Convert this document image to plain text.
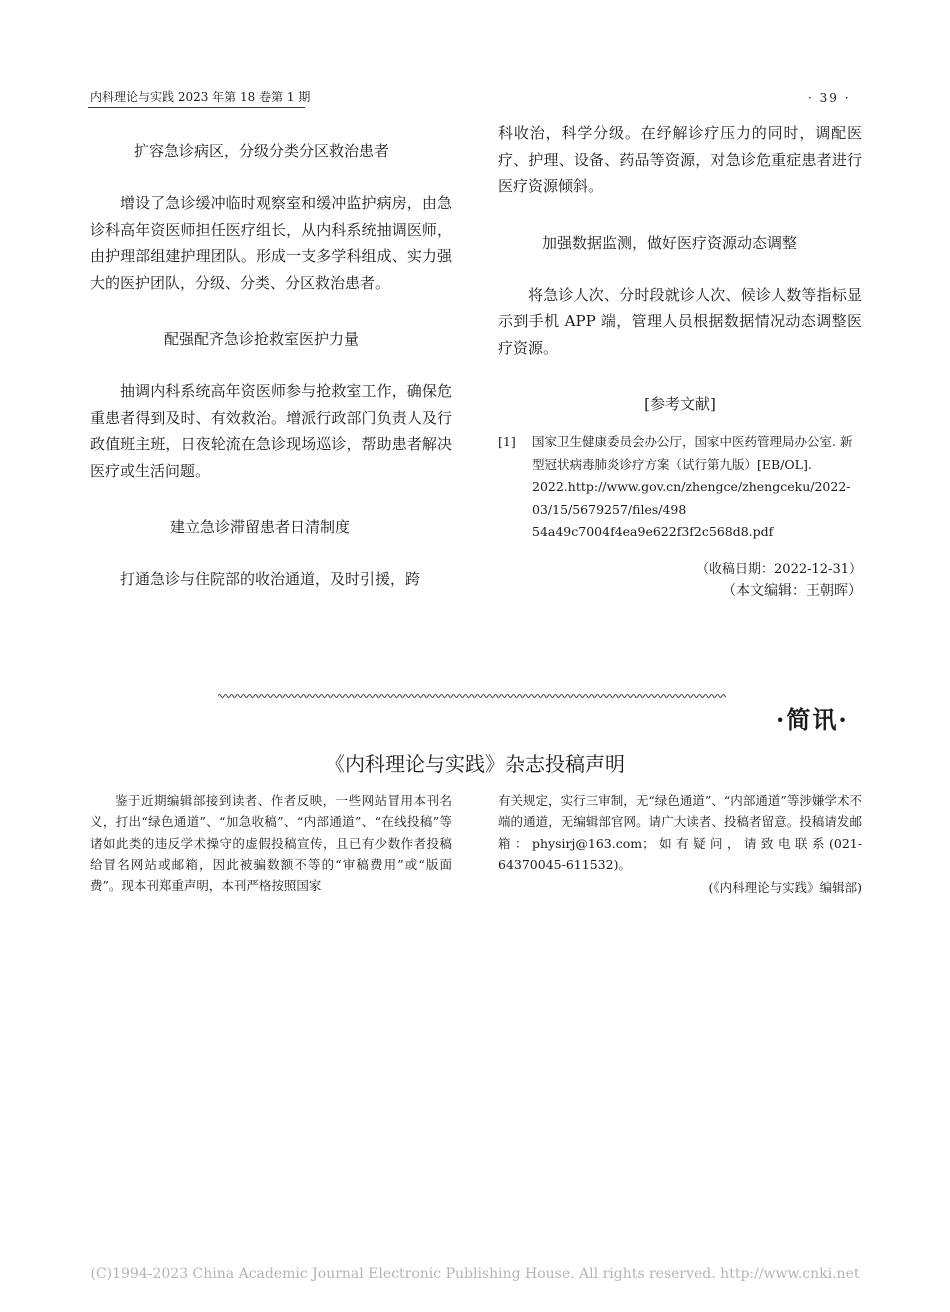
内科理论与实践 2023 年第 18 卷第 1 期	· 39 ·

扩容急诊病区，分级分类分区救治患者

增设了急诊缓冲临时观察室和缓冲监护病房，由急诊科高年资医师担任医疗组长，从内科系统抽调医师，由护理部组建护理团队。形成一支多学科组成、实力强大的医护团队，分级、分类、分区救治患者。

配强配齐急诊抢救室医护力量

抽调内科系统高年资医师参与抢救室工作，确保危重患者得到及时、有效救治。增派行政部门负责人及行政值班主班，日夜轮流在急诊现场巡诊，帮助患者解决医疗或生活问题。

建立急诊滞留患者日清制度

打通急诊与住院部的收治通道，及时引援，跨

科收治，科学分级。在纾解诊疗压力的同时，调配医疗、护理、设备、药品等资源，对急诊危重症患者进行医疗资源倾斜。

加强数据监测，做好医疗资源动态调整

将急诊人次、分时段就诊人次、候诊人数等指标显示到手机 APP 端，管理人员根据数据情况动态调整医疗资源。

[参考文献]

[1]	国家卫生健康委员会办公厅，国家中医药管理局办公室. 新型冠状病毒肺炎诊疗方案（试行第九版）[EB/OL]. 2022.http://www.gov.cn/zhengce/zhengceku/2022-03/15/5679257/files/498 54a49c7004f4ea9e622f3f2c568d8.pdf
（收稿日期：2022-12-31）
（本文编辑：王朝晖）
·简讯·
《内科理论与实践》杂志投稿声明
鉴于近期编辑部接到读者、作者反映，一些网站冒用本刊名义，打出“绿色通道”、“加急收稿”、“内部通道”、“在线投稿”等诸如此类的违反学术操守的虚假投稿宣传，且已有少数作者投稿给冒名网站或邮箱，因此被骗数额不等的“审稿费用”或“版面费”。现本刊郑重声明，本刊严格按照国家
有关规定，实行三审制，无“绿色通道”、“内部通道”等涉嫌学术不端的通道，无编辑部官网。请广大读者、投稿者留意。投稿请发邮箱：physirj@163.com；如有疑问，请致电联系(021-64370045-611532)。
(《内科理论与实践》编辑部)
(C)1994-2023 China Academic Journal Electronic Publishing House. All rights reserved. http://www.cnki.net
